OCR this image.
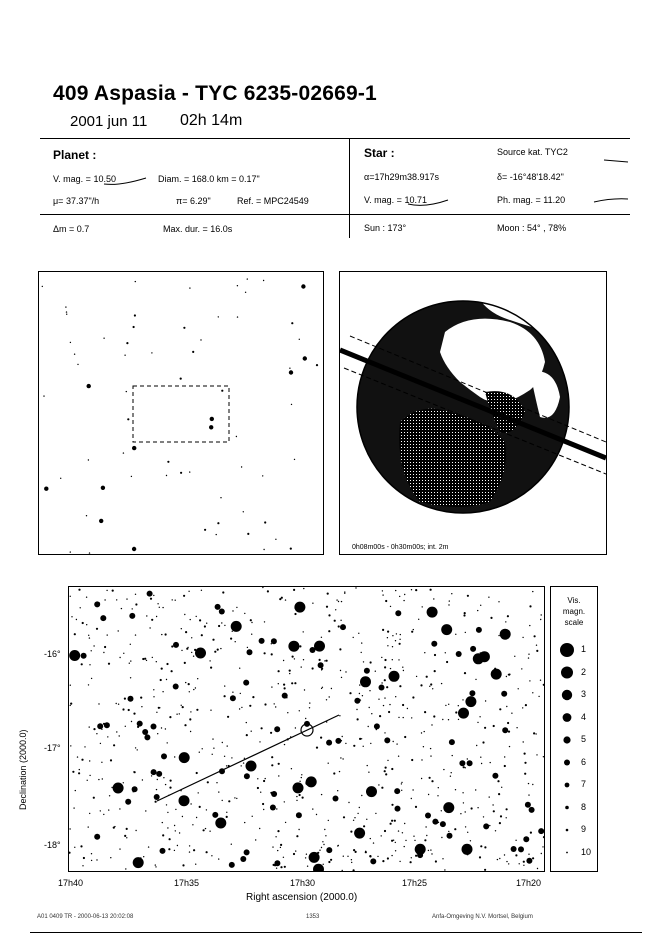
409 Aspasia - TYC 6235-02669-1
2001 jun 11 02h 14m
Planet :
V. mag. = 10.50	Diam. = 168.0 km = 0.17"
μ= 37.37"/h	π= 6.29"	Ref. = MPC24549
Δm = 0.7	Max. dur. = 16.0s
Star :	Source kat. TYC2
α=17h29m38.917s	δ= -16°48'18.42"
V. mag. = 10.71	Ph. mag. = 11.20
Sun : 173°	Moon : 54° , 78%
0h08m00s - 0h30m00s; int. 2m
Declination (2000.0)
-16°
-17°
-18°
17h40	17h35	17h30	17h25	17h20
Right ascension (2000.0)
Vis.
magn.
scale
1
2
3
4
5
6
7
8
9
10
A01 0409 TR - 2000-06-13 20:02:08	1353	Anfa-Omgeving N.V. Mortsel, Belgium
